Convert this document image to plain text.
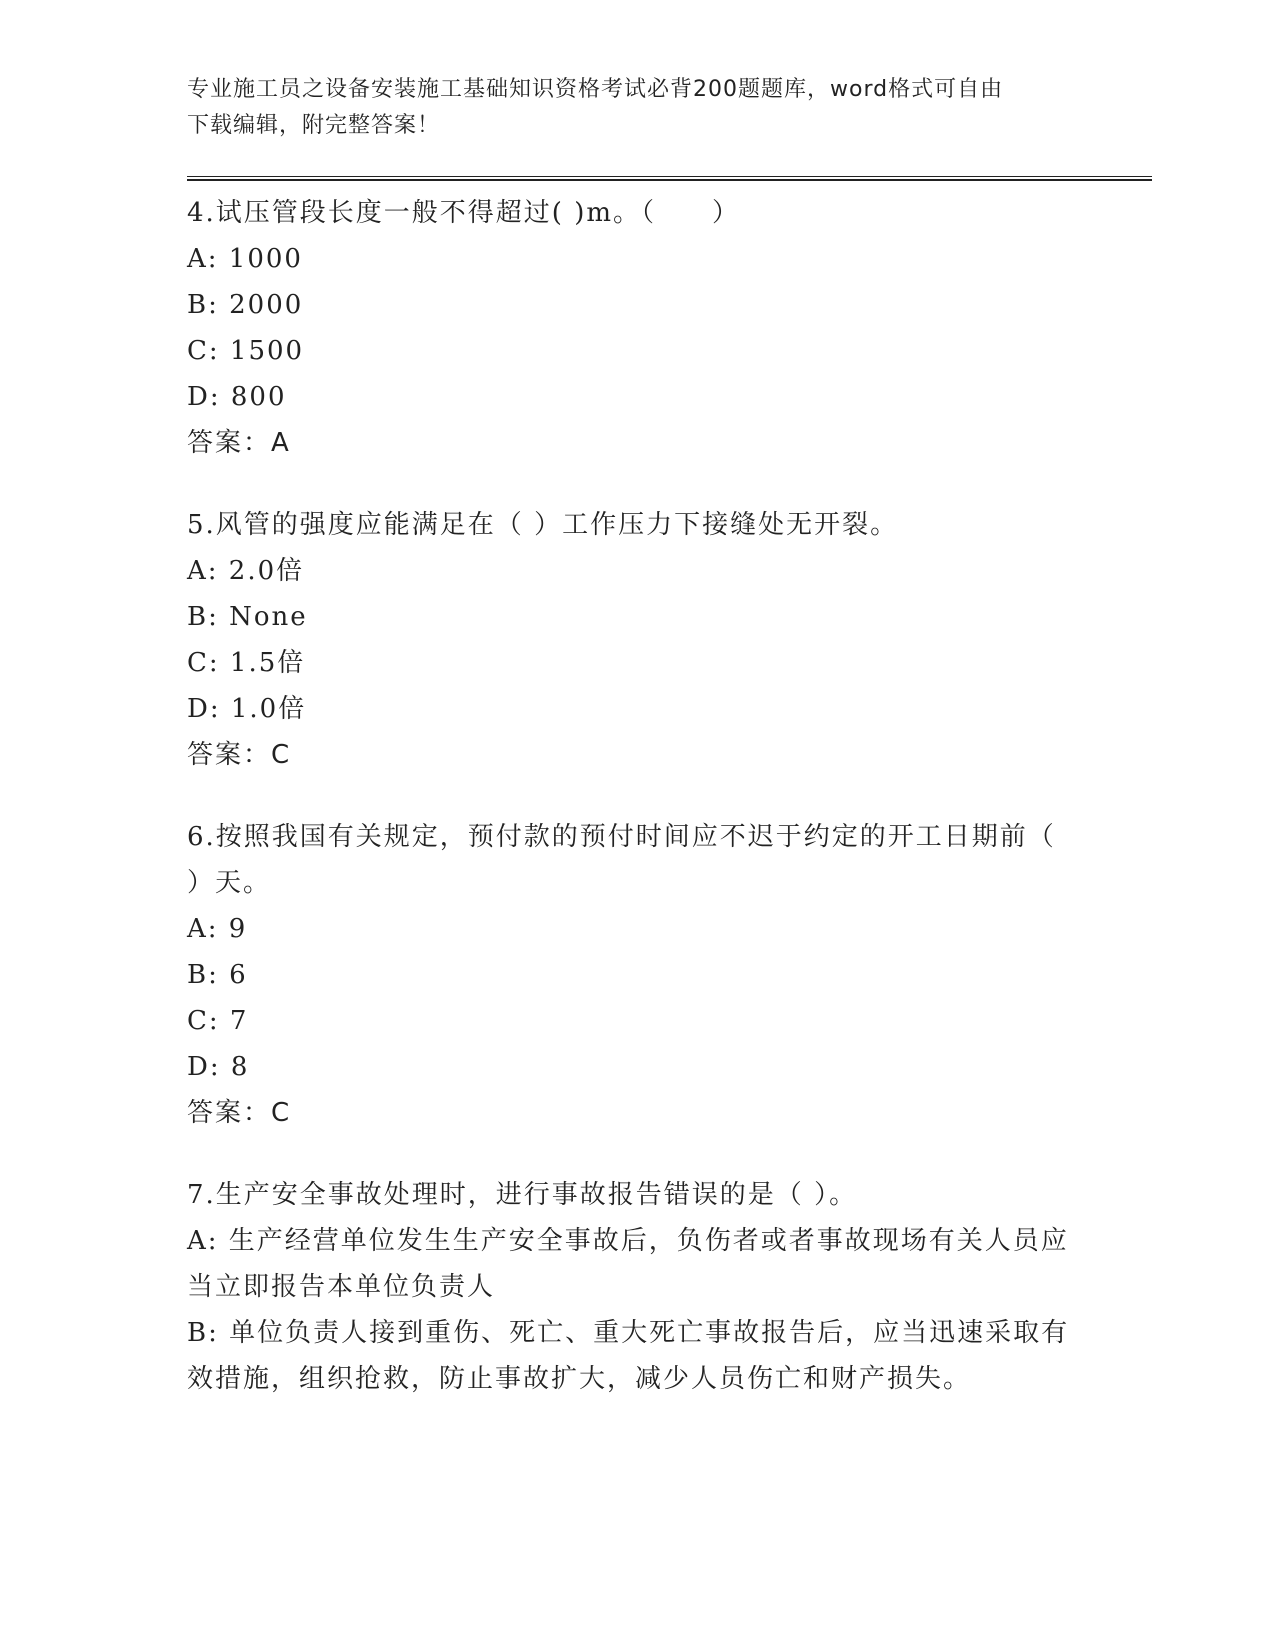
专业施工员之设备安装施工基础知识资格考试必背200题题库，word格式可自由
下载编辑，附完整答案！
4.试压管段长度一般不得超过( )m。（　　）
A: 1000
B: 2000
C: 1500
D: 800
答案：A
5.风管的强度应能满足在（ ）工作压力下接缝处无开裂。
A: 2.0倍
B: None
C: 1.5倍
D: 1.0倍
答案：C
6.按照我国有关规定，预付款的预付时间应不迟于约定的开工日期前（ ）天。
A: 9
B: 6
C: 7
D: 8
答案：C
7.生产安全事故处理时，进行事故报告错误的是（ ）。
A: 生产经营单位发生生产安全事故后，负伤者或者事故现场有关人员应当立即报告本单位负责人
B: 单位负责人接到重伤、死亡、重大死亡事故报告后，应当迅速采取有效措施，组织抢救，防止事故扩大，减少人员伤亡和财产损失。
